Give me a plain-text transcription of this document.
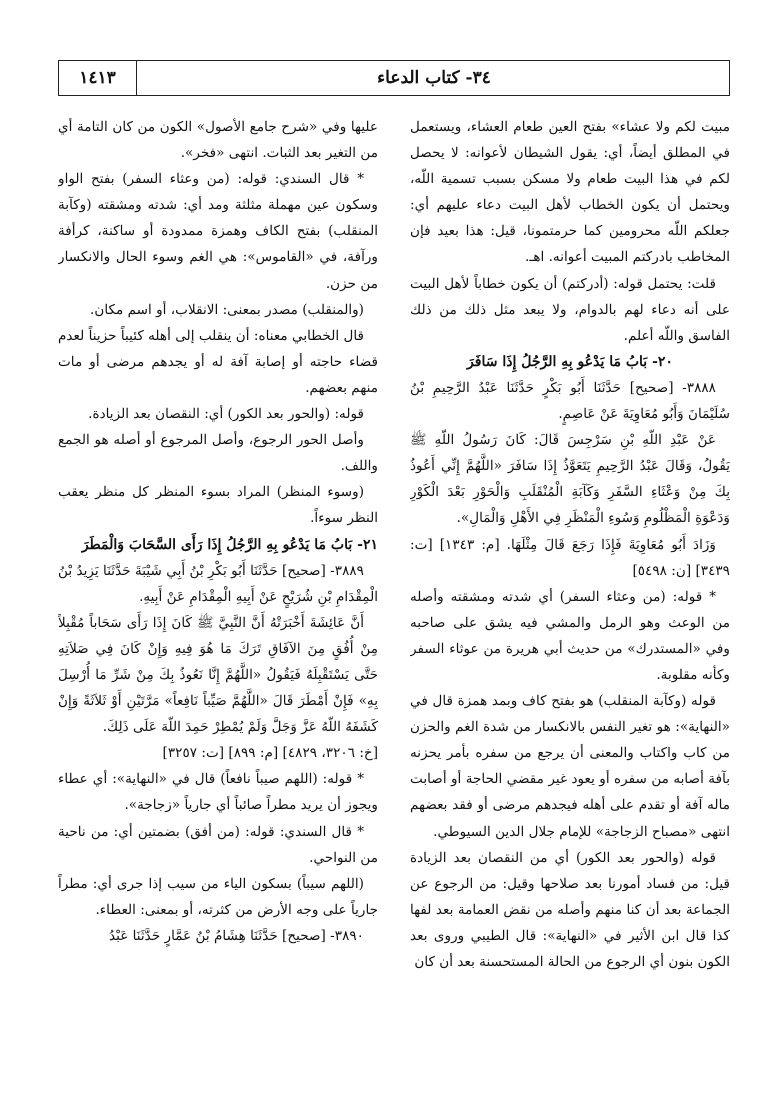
١٤١٣	٣٤- كتاب الدعاء

مبيت لكم ولا عشاء» بفتح العين طعام العشاء، ويستعمل في المطلق أيضاً، أي: يقول الشيطان لأعوانه: لا يحصل لكم في هذا البيت طعام ولا مسكن بسبب تسمية اللّه، ويحتمل أن يكون الخطاب لأهل البيت دعاء عليهم أي: جعلكم اللّه محرومين كما حرمتمونا، قيل: هذا بعيد فإن المخاطب بادركتم المبيت أعوانه. اهـ.

قلت: يحتمل قوله: (أدركتم) أن يكون خطاباً لأهل البيت على أنه دعاء لهم بالدوام، ولا يبعد مثل ذلك من ذلك الفاسق واللّه أعلم.

٢٠- بَابُ مَا يَدْعُو بِهِ الرَّجُلُ إِذَا سَافَرَ

٣٨٨٨- [صحيح] حَدَّثَنَا أَبُو بَكْرٍ حَدَّثَنَا عَبْدُ الرَّحِيمِ بْنُ سُلَيْمَانَ وَأَبُو مُعَاوِيَةَ عَنْ عَاصِمٍ.

عَنْ عَبْدِ اللّهِ بْنِ سَرْجِسَ قَالَ: كَانَ رَسُولُ اللّهِ ﷺ يَقُولُ، وَقَالَ عَبْدُ الرَّحِيمِ يَتَعَوَّذُ إِذَا سَافَرَ «اللَّهُمَّ إِنِّي أَعُوذُ بِكَ مِنْ وَعْثَاءِ السَّفَرِ وَكَآبَةِ الْمُنْقَلَبِ وَالْحَوْرِ بَعْدَ الْكَوْرِ وَدَعْوَةِ الْمَظْلُومِ وَسُوءِ الْمَنْظَرِ فِي الأَهْلِ وَالْمَالِ».

وَزَادَ أَبُو مُعَاوِيَةَ فَإِذَا رَجَعَ قَالَ مِثْلَهَا. [م: ١٣٤٣] [ت: ٣٤٣٩] [ن: ٥٤٩٨]

* قوله: (من وعثاء السفر) أي شدته ومشقته وأصله من الوعث وهو الرمل والمشي فيه يشق على صاحبه وفي «المستدرك» من حديث أبي هريرة من عوثاء السفر وكأنه مقلوبة.

قوله (وكآبة المنقلب) هو بفتح كاف وبمد همزة قال في «النهاية»: هو تغير النفس بالانكسار من شدة الغم والحزن من كاب واكتاب والمعنى أن يرجع من سفره بأمر يحزنه بآفة أصابه من سفره أو يعود غير مقضي الحاجة أو أصابت ماله آفة أو تقدم على أهله فيجدهم مرضى أو فقد بعضهم انتهى «مصباح الزجاجة» للإمام جلال الدين السيوطي.

قوله (والحور بعد الكور) أي من النقصان بعد الزيادة قيل: من فساد أمورنا بعد صلاحها وقيل: من الرجوع عن الجماعة بعد أن كنا منهم وأصله من نقض العمامة بعد لفها كذا قال ابن الأثير في «النهاية»: قال الطيبي وروى بعد الكون بنون أي الرجوع من الحالة المستحسنة بعد أن كان

عليها وفي «شرح جامع الأصول» الكون من كان التامة أي من التغير بعد الثبات. انتهى «فخر».

* قال السندي: قوله: (من وعثاء السفر) بفتح الواو وسكون عين مهملة مثلثة ومد أي: شدته ومشقته (وكآبة المنقلب) بفتح الكاف وهمزة ممدودة أو ساكنة، كرأفة ورآفة، في «القاموس»: هي الغم وسوء الحال والانكسار من حزن.

(والمنقلب) مصدر بمعنى: الانقلاب، أو اسم مكان.

قال الخطابي معناه: أن ينقلب إلى أهله كئيباً حزيناً لعدم قضاء حاجته أو إصابة آفة له أو يجدهم مرضى أو مات منهم بعضهم.

قوله: (والحور بعد الكور) أي: النقصان بعد الزيادة.

وأصل الحور الرجوع، وأصل المرجوع أو أصله هو الجمع واللف.

(وسوء المنظر) المراد بسوء المنظر كل منظر يعقب النظر سوءاً.

٢١- بَابُ مَا يَدْعُو بِهِ الرَّجُلُ إِذَا رَأَى السَّحَابَ وَالْمَطَرَ

٣٨٨٩- [صحيح] حَدَّثَنَا أَبُو بَكْرِ بْنُ أَبِي شَيْبَةَ حَدَّثَنَا يَزِيدُ بْنُ الْمِقْدَامِ بْنِ شُرَيْحٍ عَنْ أَبِيهِ الْمِقْدَامِ عَنْ أَبِيهِ.

أَنَّ عَائِشَةَ أَخْبَرَتْهُ أَنَّ النَّبِيَّ ﷺ كَانَ إِذَا رَأَى سَحَاباً مُقْبِلاً مِنْ أُفُقٍ مِنَ الآفَاقِ تَرَكَ مَا هُوَ فِيهِ وَإِنْ كَانَ فِي صَلاَتِهِ حَتَّى يَسْتَقْبِلَهُ فَيَقُولُ «اللَّهُمَّ إِنَّا نَعُوذُ بِكَ مِنْ شَرِّ مَا أُرْسِلَ بِهِ» فَإِنْ أَمْطَرَ قَالَ «اللَّهُمَّ صَيِّباً نَافِعاً» مَرَّتَيْنِ أَوْ ثَلاَثَةً وَإِنْ كَشَفَهُ اللّهُ عَزَّ وَجَلَّ وَلَمْ يُمْطِرْ حَمِدَ اللّهَ عَلَى ذَلِكَ.

[خ: ٣٢٠٦، ٤٨٢٩] [م: ٨٩٩] [ت: ٣٢٥٧]

* قوله: (اللهم صيباً نافعاً) قال في «النهاية»: أي عطاء ويجوز أن يريد مطراً صائباً أي جارياً «زجاجة».

* قال السندي: قوله: (من أفق) بضمتين أي: من ناحية من النواحي.

(اللهم سيباً) بسكون الياء من سيب إذا جرى أي: مطراً جارياً على وجه الأرض من كثرته، أو بمعنى: العطاء.

٣٨٩٠- [صحيح] حَدَّثَنَا هِشَامُ بْنُ عَمَّارٍ حَدَّثَنَا عَبْدُ
